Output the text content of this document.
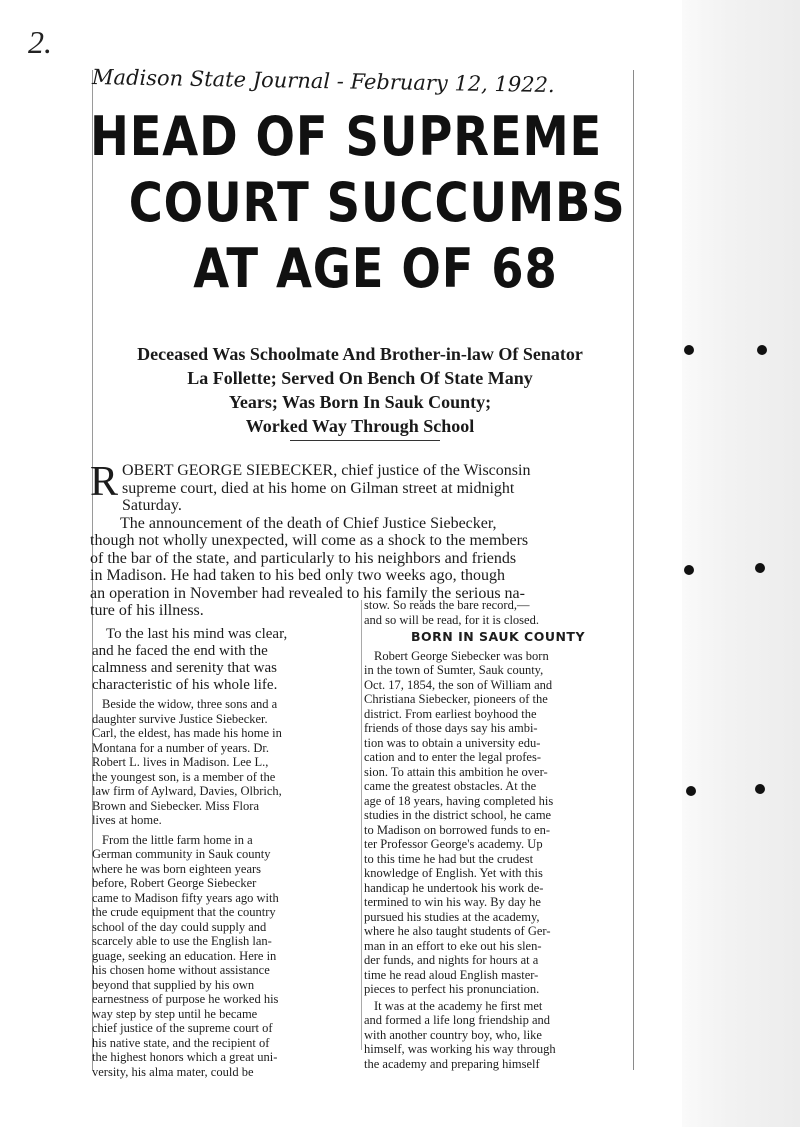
2.
Madison State Journal - February 12, 1922.
HEAD OF SUPREME
COURT SUCCUMBS
AT AGE OF 68
Deceased Was Schoolmate And Brother-in-law Of Senator
La Follette; Served On Bench Of State Many
Years; Was Born In Sauk County;
Worked Way Through School
R OBERT GEORGE SIEBECKER, chief justice of the Wisconsin
supreme court, died at his home on Gilman street at midnight
Saturday.
The announcement of the death of Chief Justice Siebecker,
though not wholly unexpected, will come as a shock to the members
of the bar of the state, and particularly to his neighbors and friends
in Madison. He had taken to his bed only two weeks ago, though
an operation in November had revealed to his family the serious na-
ture of his illness.
To the last his mind was clear,
and he faced the end with the
calmness and serenity that was
characteristic of his whole life.
Beside the widow, three sons and a
daughter survive Justice Siebecker.
Carl, the eldest, has made his home in
Montana for a number of years. Dr.
Robert L. lives in Madison. Lee L.,
the youngest son, is a member of the
law firm of Aylward, Davies, Olbrich,
Brown and Siebecker. Miss Flora
lives at home.
From the little farm home in a
German community in Sauk county
where he was born eighteen years
before, Robert George Siebecker
came to Madison fifty years ago with
the crude equipment that the country
school of the day could supply and
scarcely able to use the English lan-
guage, seeking an education. Here in
his chosen home without assistance
beyond that supplied by his own
earnestness of purpose he worked his
way step by step until he became
chief justice of the supreme court of
his native state, and the recipient of
the highest honors which a great uni-
versity, his alma mater, could be
stow. So reads the bare record,—
and so will be read, for it is closed.
BORN IN SAUK COUNTY
Robert George Siebecker was born
in the town of Sumter, Sauk county,
Oct. 17, 1854, the son of William and
Christiana Siebecker, pioneers of the
district. From earliest boyhood the
friends of those days say his ambi-
tion was to obtain a university edu-
cation and to enter the legal profes-
sion. To attain this ambition he over-
came the greatest obstacles. At the
age of 18 years, having completed his
studies in the district school, he came
to Madison on borrowed funds to en-
ter Professor George's academy. Up
to this time he had but the crudest
knowledge of English. Yet with this
handicap he undertook his work de-
termined to win his way. By day he
pursued his studies at the academy,
where he also taught students of Ger-
man in an effort to eke out his slen-
der funds, and nights for hours at a
time he read aloud English master-
pieces to perfect his pronunciation.
It was at the academy he first met
and formed a life long friendship and
with another country boy, who, like
himself, was working his way through
the academy and preparing himself
